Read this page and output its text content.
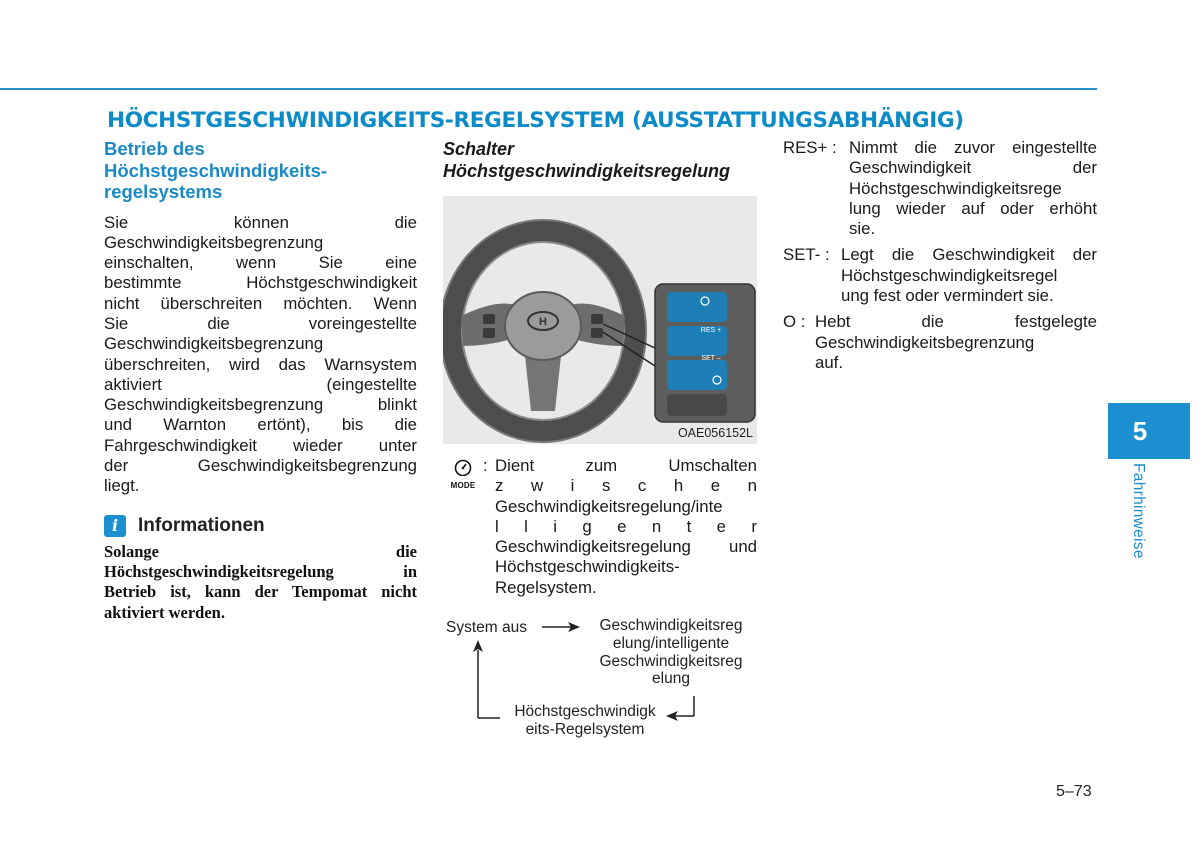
HÖCHSTGESCHWINDIGKEITS-REGELSYSTEM (AUSSTATTUNGSABHÄNGIG)
Betrieb des
Höchstgeschwindigkeits-
regelsystems
Sie können die
Geschwindigkeitsbegrenzung
einschalten, wenn Sie eine
bestimmte Höchstgeschwindigkeit
nicht überschreiten möchten. Wenn
Sie die voreingestellte
Geschwindigkeitsbegrenzung
überschreiten, wird das Warnsystem
aktiviert (eingestellte
Geschwindigkeitsbegrenzung blinkt
und Warnton ertönt), bis die
Fahrgeschwindigkeit wieder unter
der Geschwindigkeitsbegrenzung
liegt.
i	Informationen
Solange die
Höchstgeschwindigkeitsregelung in
Betrieb ist, kann der Tempomat nicht
aktiviert werden.
Schalter
Höchstgeschwindigkeitsregelung
H
RES +
SET –
OAE056152L
MODE
: Dient zum Umschalten
z w i s c h e n
Geschwindigkeitsregelung/inte
l l i g e n t e r
Geschwindigkeitsregelung und
Höchstgeschwindigkeits-
Regelsystem.
System aus	Geschwindigkeitsreg
elung/intelligente
Geschwindigkeitsreg
elung
Höchstgeschwindigk
eits-Regelsystem
RES+ : Nimmt die zuvor eingestellte
Geschwindigkeit der
Höchstgeschwindigkeitsrege
lung wieder auf oder erhöht
sie.
SET- : Legt die Geschwindigkeit der
Höchstgeschwindigkeitsregel
ung fest oder vermindert sie.
O : Hebt die festgelegte
Geschwindigkeitsbegrenzung
auf.
5
Fahrhinweise
5–73
